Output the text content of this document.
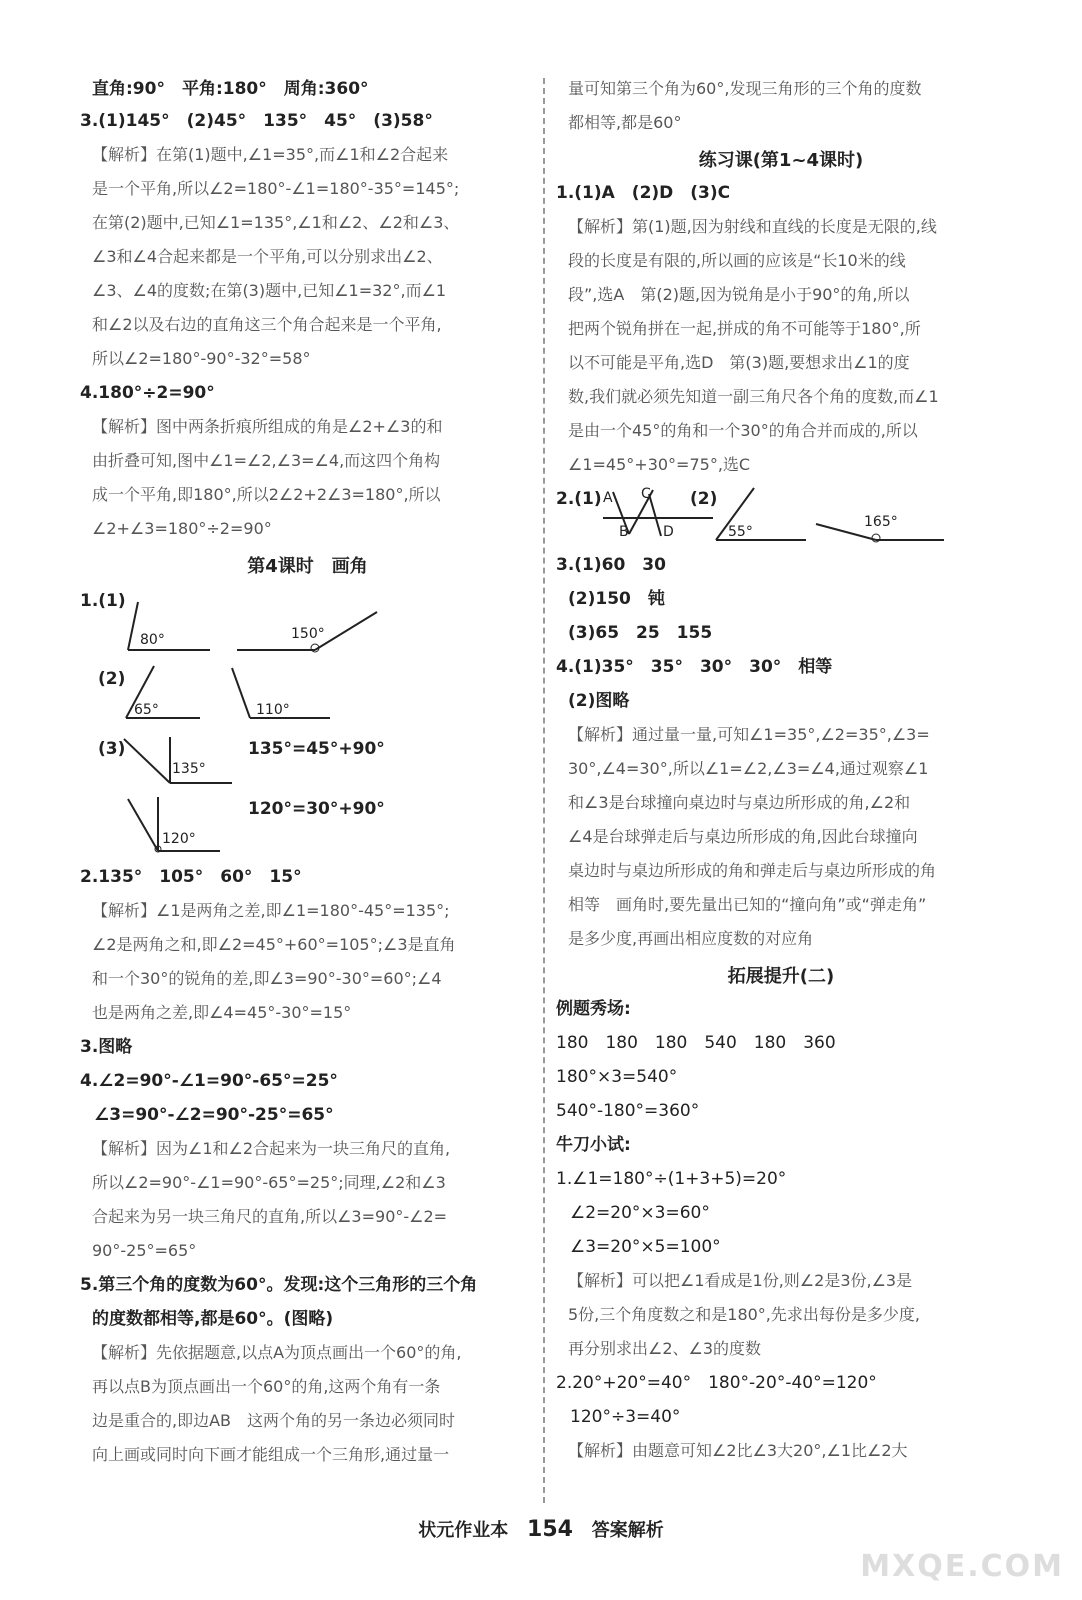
直角:90°　平角:180°　周角:360°
3.(1)145°　(2)45°　135°　45°　(3)58°
【解析】在第(1)题中,∠1=35°,而∠1和∠2合起来
是一个平角,所以∠2=180°-∠1=180°-35°=145°;
在第(2)题中,已知∠1=135°,∠1和∠2、∠2和∠3、
∠3和∠4合起来都是一个平角,可以分别求出∠2、
∠3、∠4的度数;在第(3)题中,已知∠1=32°,而∠1
和∠2以及右边的直角这三个角合起来是一个平角,
所以∠2=180°-90°-32°=58°
4.180°÷2=90°
【解析】图中两条折痕所组成的角是∠2+∠3的和
由折叠可知,图中∠1=∠2,∠3=∠4,而这四个角构
成一个平角,即180°,所以2∠2+2∠3=180°,所以
∠2+∠3=180°÷2=90°
第4课时　画角
1.(1)
80°	150°
(2)
65°	110°
(3)
135°
135°=45°+90°
120°
120°=30°+90°
2.135°　105°　60°　15°
【解析】∠1是两角之差,即∠1=180°-45°=135°;
∠2是两角之和,即∠2=45°+60°=105°;∠3是直角
和一个30°的锐角的差,即∠3=90°-30°=60°;∠4
也是两角之差,即∠4=45°-30°=15°
3.图略
4.∠2=90°-∠1=90°-65°=25°
∠3=90°-∠2=90°-25°=65°
【解析】因为∠1和∠2合起来为一块三角尺的直角,
所以∠2=90°-∠1=90°-65°=25°;同理,∠2和∠3
合起来为另一块三角尺的直角,所以∠3=90°-∠2=
90°-25°=65°
5.第三个角的度数为60°。发现:这个三角形的三个角
的度数都相等,都是60°。(图略)
【解析】先依据题意,以点A为顶点画出一个60°的角,
再以点B为顶点画出一个60°的角,这两个角有一条
边是重合的,即边AB　这两个角的另一条边必须同时
向上画或同时向下画才能组成一个三角形,通过量一
量可知第三个角为60°,发现三角形的三个角的度数
都相等,都是60°
练习课(第1~4课时)
1.(1)A　(2)D　(3)C
【解析】第(1)题,因为射线和直线的长度是无限的,线
段的长度是有限的,所以画的应该是“长10米的线
段”,选A　第(2)题,因为锐角是小于90°的角,所以
把两个锐角拼在一起,拼成的角不可能等于180°,所
以不可能是平角,选D　第(3)题,要想求出∠1的度
数,我们就必须先知道一副三角尺各个角的度数,而∠1
是由一个45°的角和一个30°的角合并而成的,所以
∠1=45°+30°=75°,选C
2.(1) A
B
C
D
(2)
55°
165°
3.(1)60　30
(2)150　钝
(3)65　25　155
4.(1)35°　35°　30°　30°　相等
(2)图略
【解析】通过量一量,可知∠1=35°,∠2=35°,∠3=
30°,∠4=30°,所以∠1=∠2,∠3=∠4,通过观察∠1
和∠3是台球撞向桌边时与桌边所形成的角,∠2和
∠4是台球弹走后与桌边所形成的角,因此台球撞向
桌边时与桌边所形成的角和弹走后与桌边所形成的角
相等　画角时,要先量出已知的“撞向角”或“弹走角”
是多少度,再画出相应度数的对应角
拓展提升(二)
例题秀场:
180　180　180　540　180　360
180°×3=540°
540°-180°=360°
牛刀小试:
1.∠1=180°÷(1+3+5)=20°
∠2=20°×3=60°
∠3=20°×5=100°
【解析】可以把∠1看成是1份,则∠2是3份,∠3是
5份,三个角度数之和是180°,先求出每份是多少度,
再分别求出∠2、∠3的度数
2.20°+20°=40°　180°-20°-40°=120°
120°÷3=40°
【解析】由题意可知∠2比∠3大20°,∠1比∠2大
状元作业本 154 答案解析
MXQE.COM
